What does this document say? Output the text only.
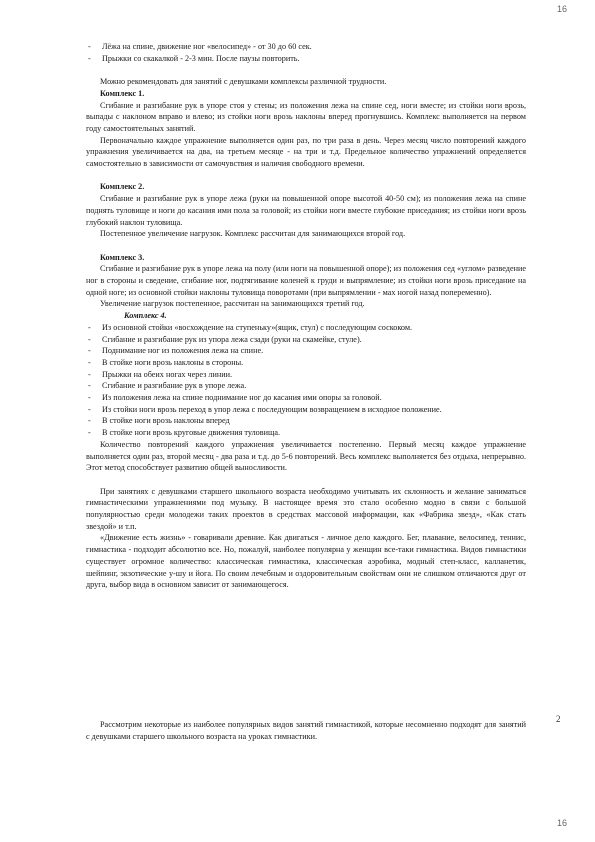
16
- Лёжа на спине, движение ног «велосипед» - от 30 до 60 сек.
- Прыжки со скакалкой - 2-3 мин. После паузы повторить.

Можно рекомендовать для занятий с девушками комплексы различной трудности.

Комплекс 1.

Сгибание и разгибание рук в упоре стоя у стены; из положения лежа на спине сед, ноги вместе; из стойки ноги врозь, выпады с наклоном вправо и влево; из стойки ноги врозь наклоны вперед прогнувшись. Комплекс выполняется на первом году самостоятельных занятий.

Первоначально каждое упражнение выполняется один раз, по три раза в день. Через месяц число повторений каждого упражнения увеличивается на два, на третьем месяце - на три и т.д. Предельное количество упражнений определяется самостоятельно в зависимости от самочувствия и наличия свободного времени.

Комплекс 2.

Сгибание и разгибание рук в упоре лежа (руки на повышенной опоре высотой 40-50 см); из положения лежа на спине поднять туловище и ноги до касания ими пола за головой; из стойки ноги вместе глубокие приседания; из стойки ноги врозь глубокий наклон туловища.

Постепенное увеличение нагрузок. Комплекс рассчитан для занимающихся второй год.

Комплекс 3.

Сгибание и разгибание рук в упоре лежа на полу (или ноги на повышенной опоре); из положения сед «углом» разведение ног в стороны и сведение, сгибание ног, подтягивание коленей к груди и выпрямление; из стойки ноги врозь приседание на одной ноге; из основной стойки наклоны туловища поворотами (при выпрямлении - мах ногой назад попеременно).

Увеличение нагрузок постепенное, рассчитан на занимающихся третий год.

Комплекс 4.

- Из основной стойки «восхождение на ступеньку»(ящик, стул) с последующим соскоком.
- Сгибание и разгибание рук из упора лежа сзади (руки на скамейке, стуле).
- Поднимание ног из положения лежа на спине.
- В стойке ноги врозь наклоны в стороны.
- Прыжки на обеих ногах через линии.
- Сгибание и разгибание рук в упоре лежа.
- Из положения лежа на спине поднимание ног до касания ими опоры за головой.
- Из стойки ноги врозь переход в упор лежа с последующим возвращением в исходное положение.
- В стойке ноги врозь наклоны вперед
- В стойке ноги врозь круговые движения туловища.

Количество повторений каждого упражнения увеличивается постепенно. Первый месяц каждое упражнение выполняется один раз, второй месяц - два раза и т.д. до 5-6 повторений. Весь комплекс выполняется без отдыха, непрерывно. Этот метод способствует развитию общей выносливости.

При занятиях с девушками старшего школьного возраста необходимо учитывать их склонность и желание заниматься гимнастическими упражнениями под музыку. В настоящее время это стало особенно модно в связи с большой популярностью среди молодежи таких проектов в средствах массовой информации, как «Фабрика звезд», «Как стать звездой» и т.п.

«Движение есть жизнь» - говаривали древние. Как двигаться - личное дело каждого. Бег, плавание, велосипед, теннис, гимнастика - подходит абсолютно все. Но, пожалуй, наиболее популярна у женщин все-таки гимнастика. Видов гимнастики существует огромное количество: классическая гимнастика, классическая аэробика, модный степ-класс, калланетик, шейпинг, экзотические у-шу и йога. По своим лечебным и оздоровительным свойствам они не слишком отличаются друг от друга, выбор вида в основном зависит от занимающегося.

2

Рассмотрим некоторые из наиболее популярных видов занятий гимнастикой, которые несомненно подходят для занятий с девушками старшего школьного возраста на уроках гимнастики.

16
